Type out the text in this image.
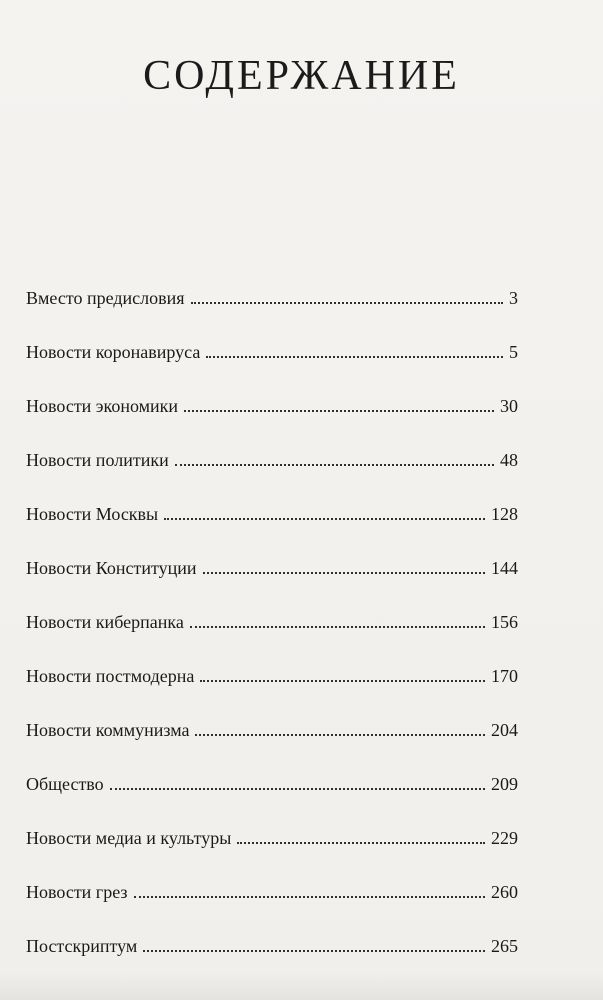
СОДЕРЖАНИЕ
Вместо предисловия	3
Новости коронавируса	5
Новости экономики	30
Новости политики	48
Новости Москвы	128
Новости Конституции	144
Новости киберпанка	156
Новости постмодерна	170
Новости коммунизма	204
Общество	209
Новости медиа и культуры	229
Новости грез	260
Постскриптум	265
